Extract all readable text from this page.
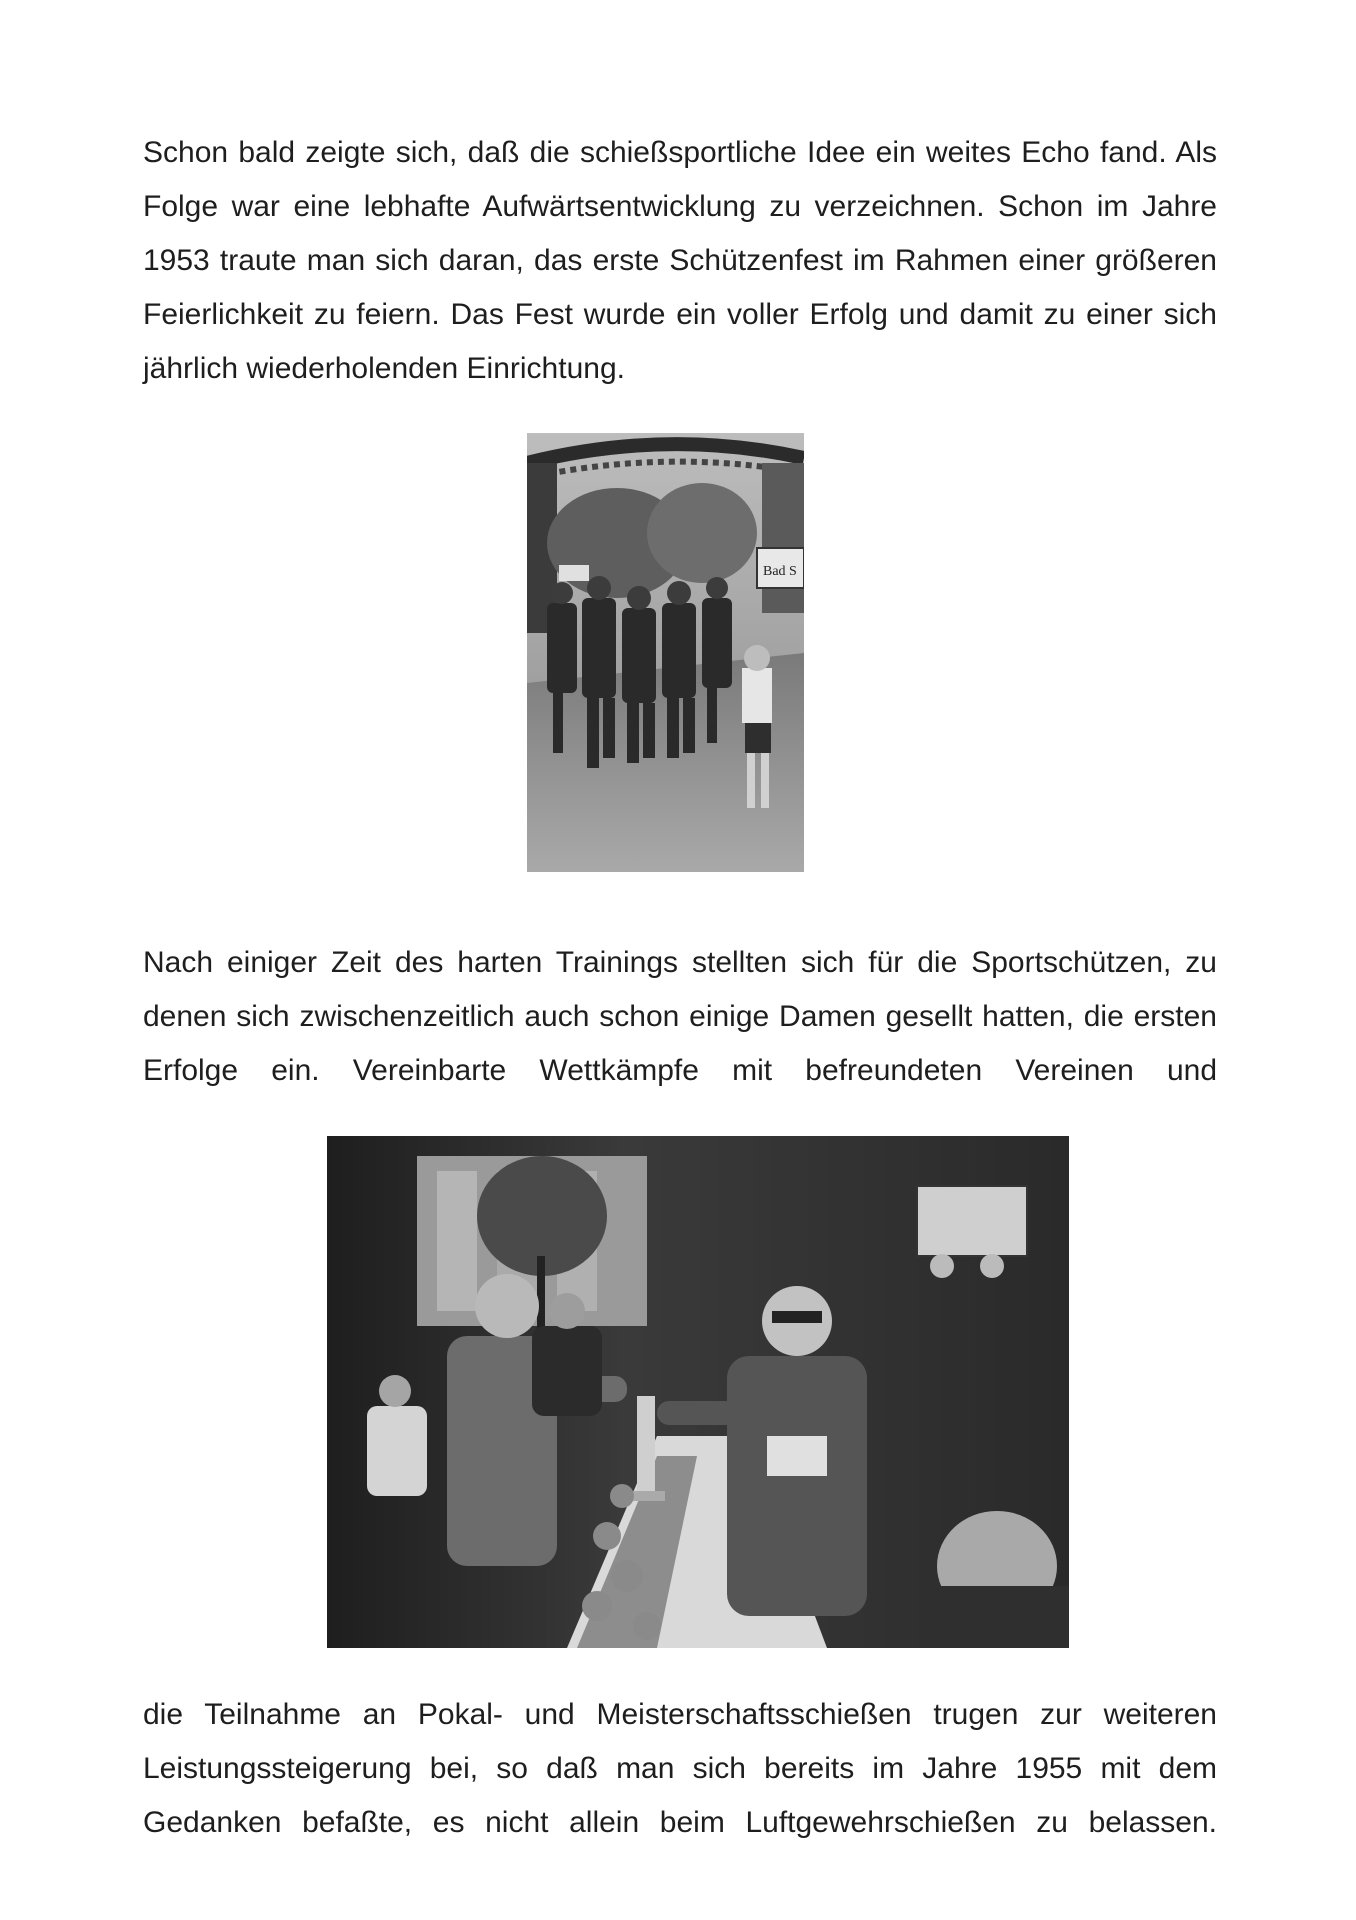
Schon bald zeigte sich, daß die schießsportliche Idee ein weites Echo fand. Als Folge war eine lebhafte Aufwärtsentwicklung zu verzeichnen. Schon im Jahre 1953 traute man sich daran, das erste Schützenfest im Rahmen einer größeren Feierlichkeit zu feiern. Das Fest wurde ein voller Erfolg und damit zu einer sich jährlich wiederholenden Einrichtung.

Bad S

Nach einiger Zeit des harten Trainings stellten sich für die Sportschützen, zu denen sich zwischenzeitlich auch schon einige Damen gesellt hatten, die ersten Erfolge ein. Vereinbarte Wettkämpfe mit befreundeten Vereinen und

die Teilnahme an Pokal- und Meisterschaftsschießen trugen zur weiteren Leistungssteigerung bei, so daß man sich bereits im Jahre 1955 mit dem Gedanken befaßte, es nicht allein beim Luftgewehrschießen zu belassen.
